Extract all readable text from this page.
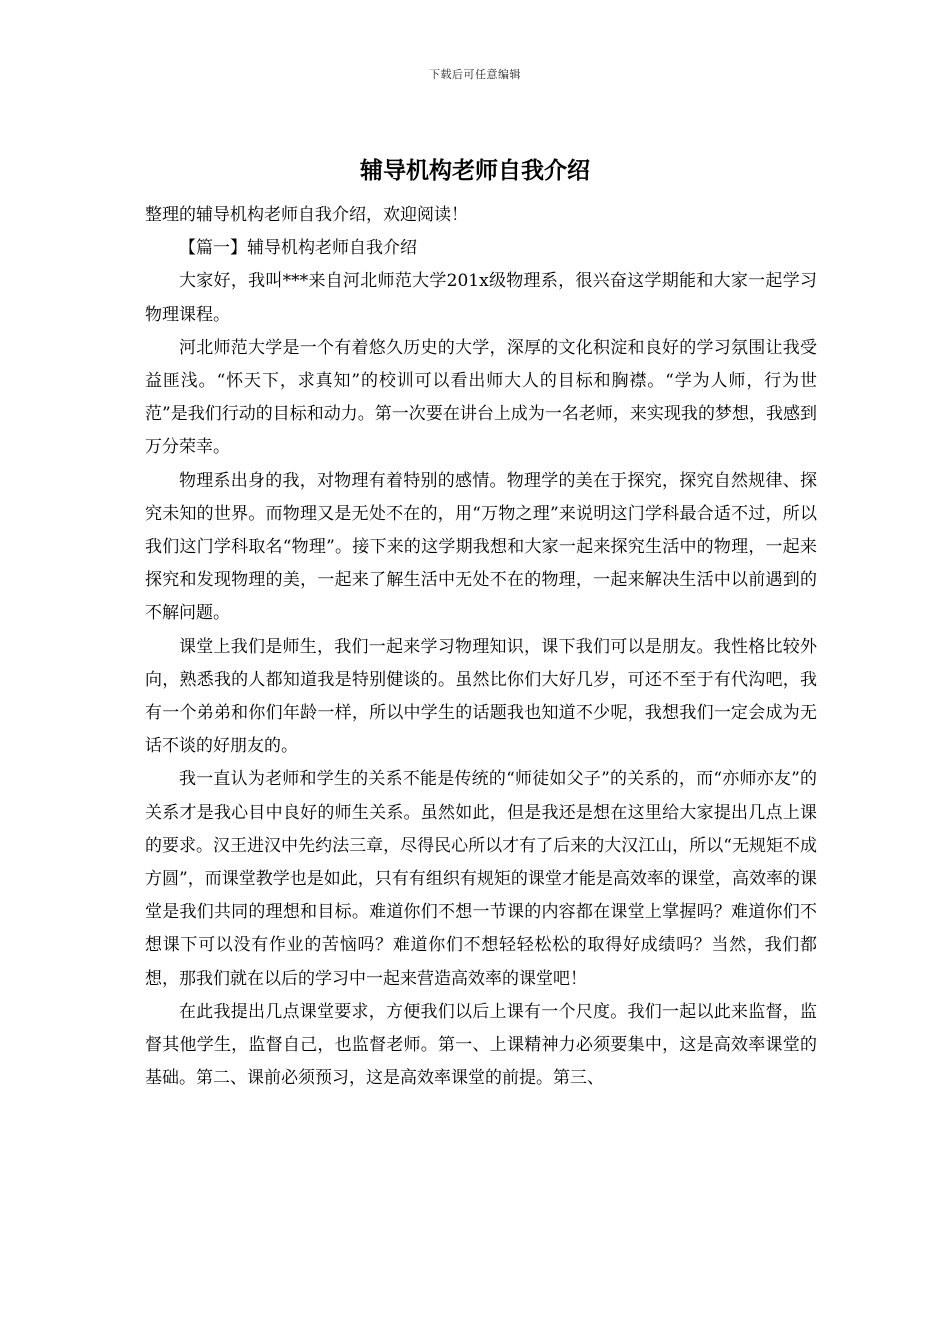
下载后可任意编辑
辅导机构老师自我介绍

整理的辅导机构老师自我介绍，欢迎阅读！

【篇一】辅导机构老师自我介绍

大家好，我叫***来自河北师范大学201x级物理系，很兴奋这学期能和大家一起学习物理课程。

河北师范大学是一个有着悠久历史的大学，深厚的文化积淀和良好的学习氛围让我受益匪浅。“怀天下，求真知”的校训可以看出师大人的目标和胸襟。“学为人师，行为世范”是我们行动的目标和动力。第一次要在讲台上成为一名老师，来实现我的梦想，我感到万分荣幸。

物理系出身的我，对物理有着特别的感情。物理学的美在于探究，探究自然规律、探究未知的世界。而物理又是无处不在的，用“万物之理”来说明这门学科最合适不过，所以我们这门学科取名“物理”。接下来的这学期我想和大家一起来探究生活中的物理，一起来探究和发现物理的美，一起来了解生活中无处不在的物理，一起来解决生活中以前遇到的不解问题。

课堂上我们是师生，我们一起来学习物理知识，课下我们可以是朋友。我性格比较外向，熟悉我的人都知道我是特别健谈的。虽然比你们大好几岁，可还不至于有代沟吧，我有一个弟弟和你们年龄一样，所以中学生的话题我也知道不少呢，我想我们一定会成为无话不谈的好朋友的。

我一直认为老师和学生的关系不能是传统的“师徒如父子”的关系的，而“亦师亦友”的关系才是我心目中良好的师生关系。虽然如此，但是我还是想在这里给大家提出几点上课的要求。汉王进汉中先约法三章，尽得民心所以才有了后来的大汉江山，所以“无规矩不成方圆”，而课堂教学也是如此，只有有组织有规矩的课堂才能是高效率的课堂，高效率的课堂是我们共同的理想和目标。难道你们不想一节课的内容都在课堂上掌握吗？难道你们不想课下可以没有作业的苦恼吗？难道你们不想轻轻松松的取得好成绩吗？当然，我们都想，那我们就在以后的学习中一起来营造高效率的课堂吧！

在此我提出几点课堂要求，方便我们以后上课有一个尺度。我们一起以此来监督，监督其他学生，监督自己，也监督老师。第一、上课精神力必须要集中，这是高效率课堂的基础。第二、课前必须预习，这是高效率课堂的前提。第三、
